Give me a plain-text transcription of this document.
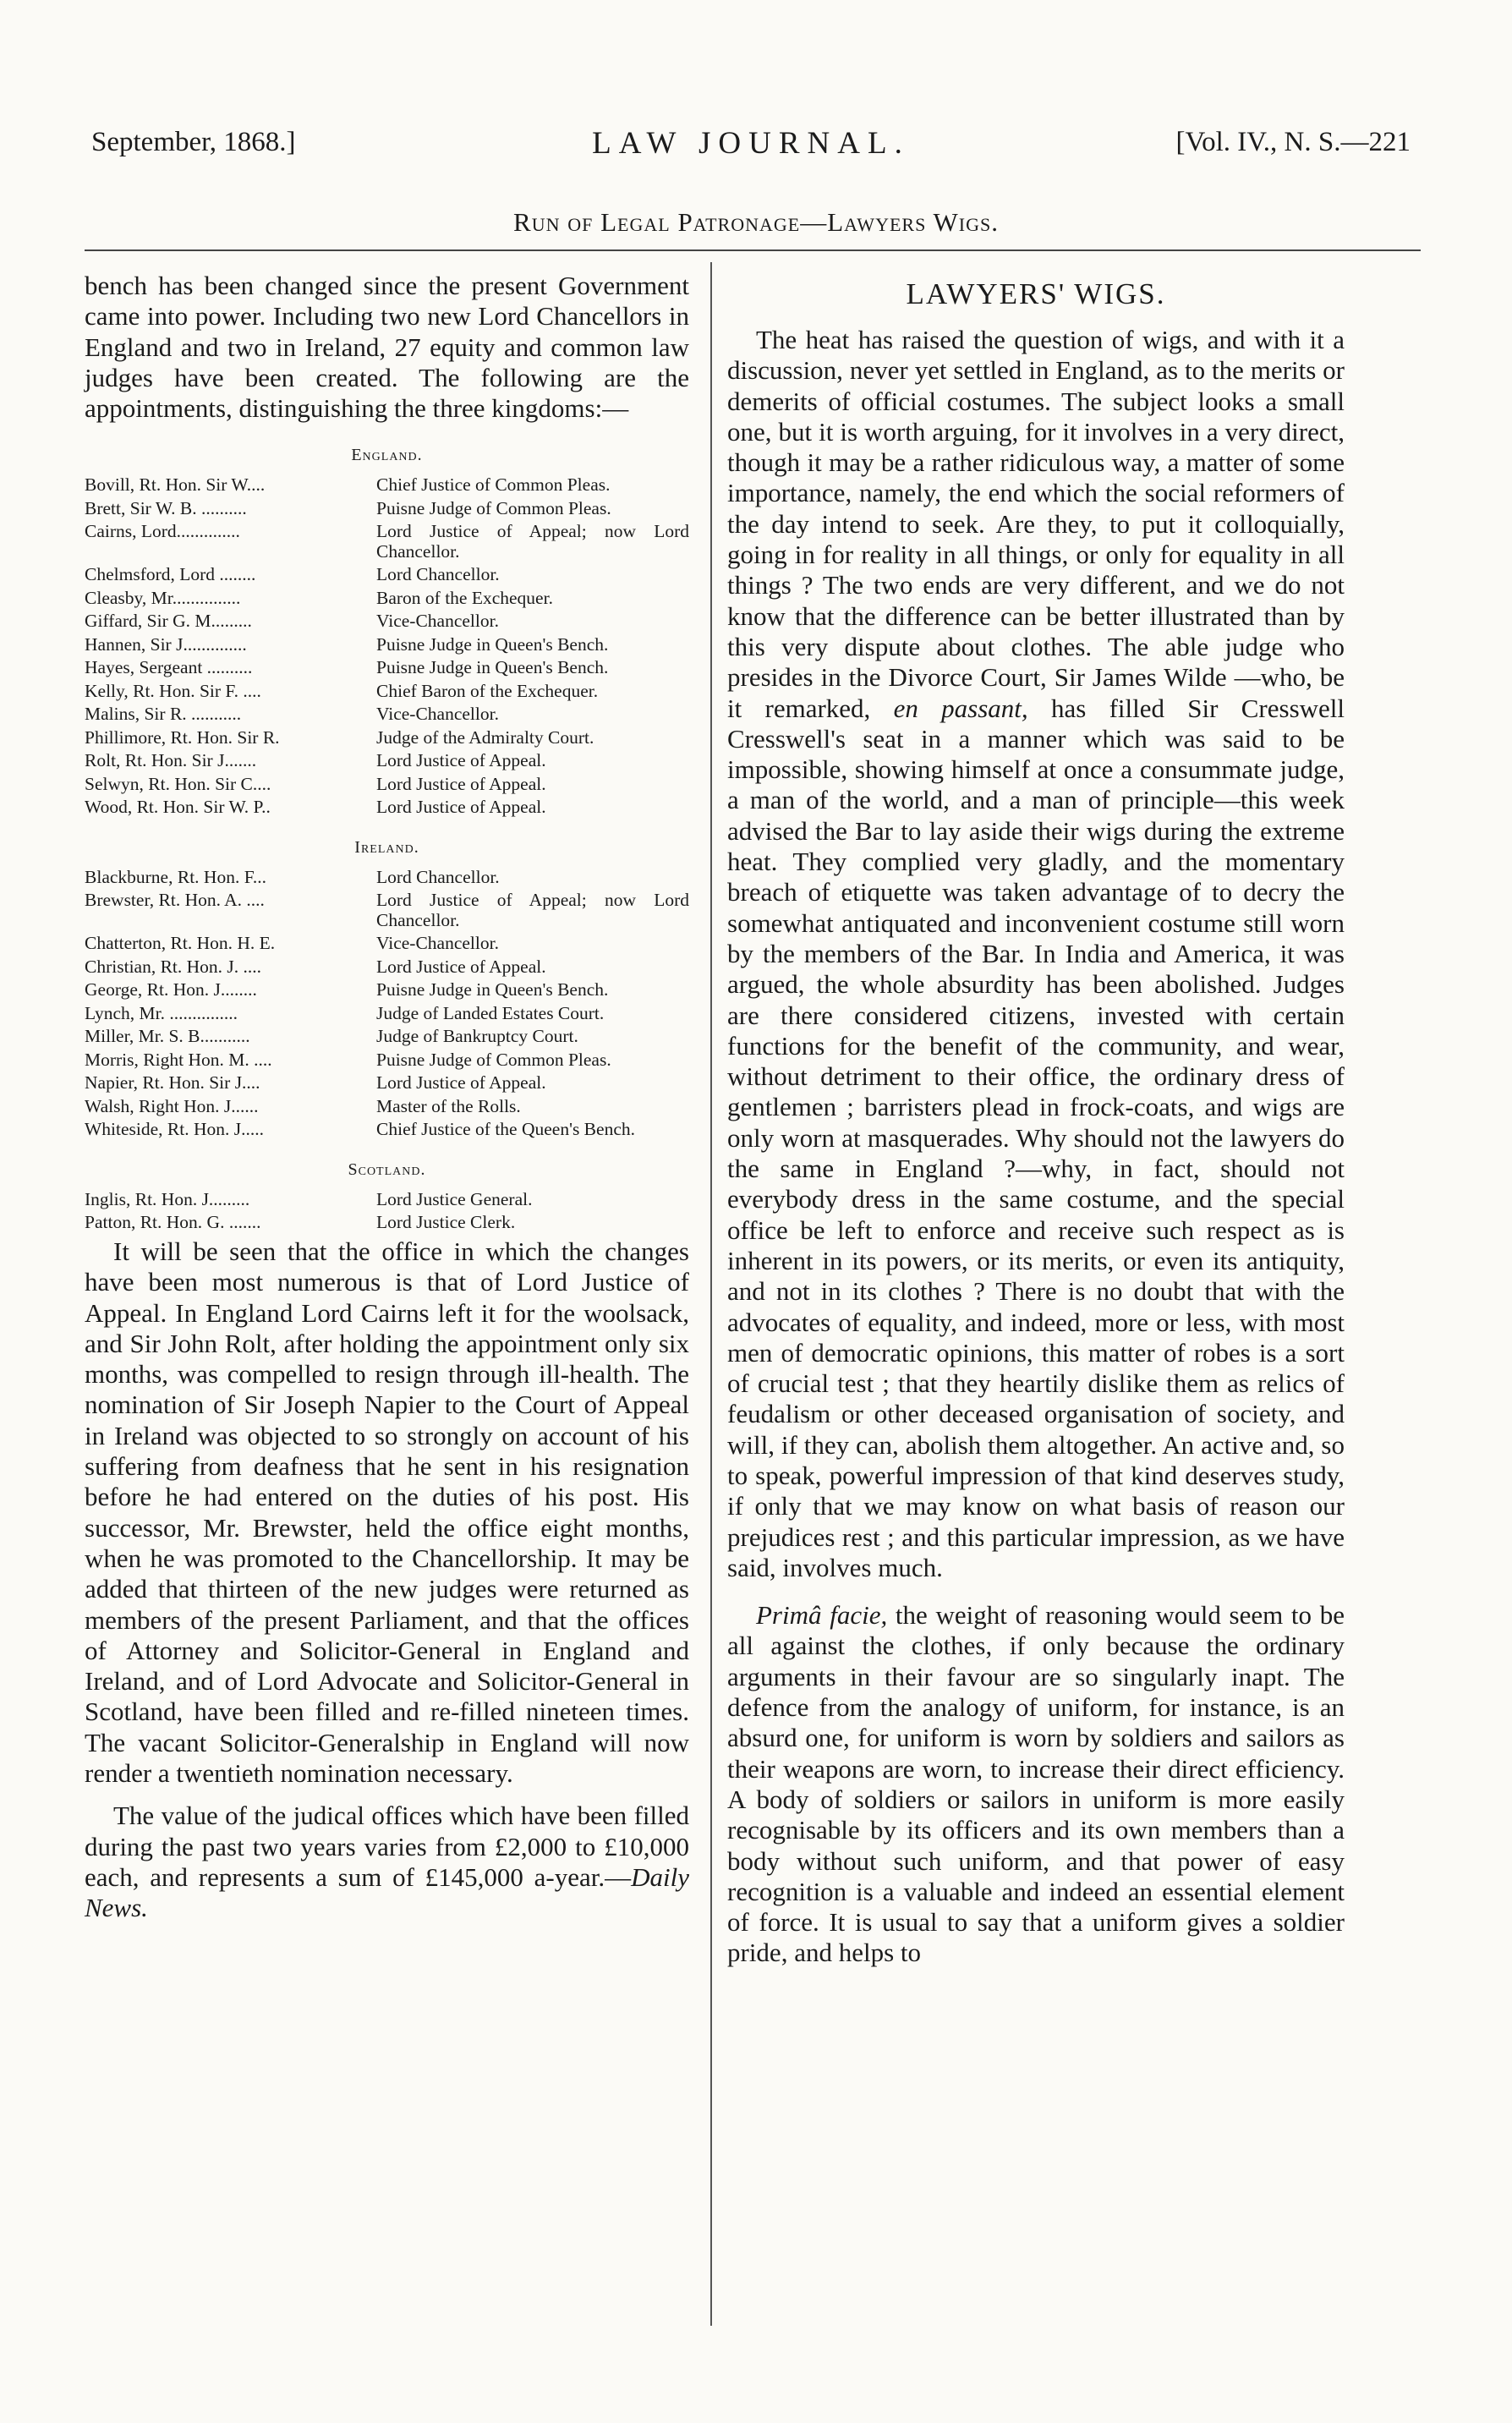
September, 1868.]	LAW JOURNAL.	[Vol. IV., N. S.—221
Run of Legal Patronage—Lawyers Wigs.

bench has been changed since the present Government came into power. Including two new Lord Chancellors in England and two in Ireland, 27 equity and common law judges have been created. The following are the appointments, distinguishing the three kingdoms:—

England.
Bovill, Rt. Hon. Sir W....	Chief Justice of Common Pleas.
Brett, Sir W. B. ..........	Puisne Judge of Common Pleas.
Cairns, Lord..............	Lord Justice of Appeal; now Lord Chancellor.
Chelmsford, Lord ........	Lord Chancellor.
Cleasby, Mr...............	Baron of the Exchequer.
Giffard, Sir G. M.........	Vice-Chancellor.
Hannen, Sir J..............	Puisne Judge in Queen's Bench.
Hayes, Sergeant ..........	Puisne Judge in Queen's Bench.
Kelly, Rt. Hon. Sir F. ....	Chief Baron of the Exchequer.
Malins, Sir R. ...........	Vice-Chancellor.
Phillimore, Rt. Hon. Sir R.	Judge of the Admiralty Court.
Rolt, Rt. Hon. Sir J.......	Lord Justice of Appeal.
Selwyn, Rt. Hon. Sir C....	Lord Justice of Appeal.
Wood, Rt. Hon. Sir W. P..	Lord Justice of Appeal.
Ireland.
Blackburne, Rt. Hon. F...	Lord Chancellor.
Brewster, Rt. Hon. A. ....	Lord Justice of Appeal; now Lord Chancellor.
Chatterton, Rt. Hon. H. E.	Vice-Chancellor.
Christian, Rt. Hon. J. ....	Lord Justice of Appeal.
George, Rt. Hon. J........	Puisne Judge in Queen's Bench.
Lynch, Mr. ...............	Judge of Landed Estates Court.
Miller, Mr. S. B...........	Judge of Bankruptcy Court.
Morris, Right Hon. M. ....	Puisne Judge of Common Pleas.
Napier, Rt. Hon. Sir J....	Lord Justice of Appeal.
Walsh, Right Hon. J......	Master of the Rolls.
Whiteside, Rt. Hon. J.....	Chief Justice of the Queen's Bench.
Scotland.
Inglis, Rt. Hon. J.........	Lord Justice General.
Patton, Rt. Hon. G. .......	Lord Justice Clerk.

It will be seen that the office in which the changes have been most numerous is that of Lord Justice of Appeal. In England Lord Cairns left it for the woolsack, and Sir John Rolt, after holding the appointment only six months, was compelled to resign through ill-health. The nomination of Sir Joseph Napier to the Court of Appeal in Ireland was objected to so strongly on account of his suffering from deafness that he sent in his resignation before he had entered on the duties of his post. His successor, Mr. Brewster, held the office eight months, when he was promoted to the Chancellorship. It may be added that thirteen of the new judges were returned as members of the present Parliament, and that the offices of Attorney and Solicitor-General in England and Ireland, and of Lord Advocate and Solicitor-General in Scotland, have been filled and re-filled nineteen times. The vacant Solicitor-Generalship in England will now render a twentieth nomination necessary.

The value of the judical offices which have been filled during the past two years varies from £2,000 to £10,000 each, and represents a sum of £145,000 a-year.—Daily News.

LAWYERS' WIGS.

The heat has raised the question of wigs, and with it a discussion, never yet settled in England, as to the merits or demerits of official costumes. The subject looks a small one, but it is worth arguing, for it involves in a very direct, though it may be a rather ridiculous way, a matter of some importance, namely, the end which the social reformers of the day intend to seek. Are they, to put it colloquially, going in for reality in all things, or only for equality in all things ? The two ends are very different, and we do not know that the difference can be better illustrated than by this very dispute about clothes. The able judge who presides in the Divorce Court, Sir James Wilde —who, be it remarked, en passant, has filled Sir Cresswell Cresswell's seat in a manner which was said to be impossible, showing himself at once a consummate judge, a man of the world, and a man of principle—this week advised the Bar to lay aside their wigs during the extreme heat. They complied very gladly, and the momentary breach of etiquette was taken advantage of to decry the somewhat antiquated and inconvenient costume still worn by the members of the Bar. In India and America, it was argued, the whole absurdity has been abolished. Judges are there considered citizens, invested with certain functions for the benefit of the community, and wear, without detriment to their office, the ordinary dress of gentlemen ; barristers plead in frock-coats, and wigs are only worn at masquerades. Why should not the lawyers do the same in England ?—why, in fact, should not everybody dress in the same costume, and the special office be left to enforce and receive such respect as is inherent in its powers, or its merits, or even its antiquity, and not in its clothes ? There is no doubt that with the advocates of equality, and indeed, more or less, with most men of democratic opinions, this matter of robes is a sort of crucial test ; that they heartily dislike them as relics of feudalism or other deceased organisation of society, and will, if they can, abolish them altogether. An active and, so to speak, powerful impression of that kind deserves study, if only that we may know on what basis of reason our prejudices rest ; and this particular impression, as we have said, involves much.

Primâ facie, the weight of reasoning would seem to be all against the clothes, if only because the ordinary arguments in their favour are so singularly inapt. The defence from the analogy of uniform, for instance, is an absurd one, for uniform is worn by soldiers and sailors as their weapons are worn, to increase their direct efficiency. A body of soldiers or sailors in uniform is more easily recognisable by its officers and its own members than a body without such uniform, and that power of easy recognition is a valuable and indeed an essential element of force. It is usual to say that a uniform gives a soldier pride, and helps to
